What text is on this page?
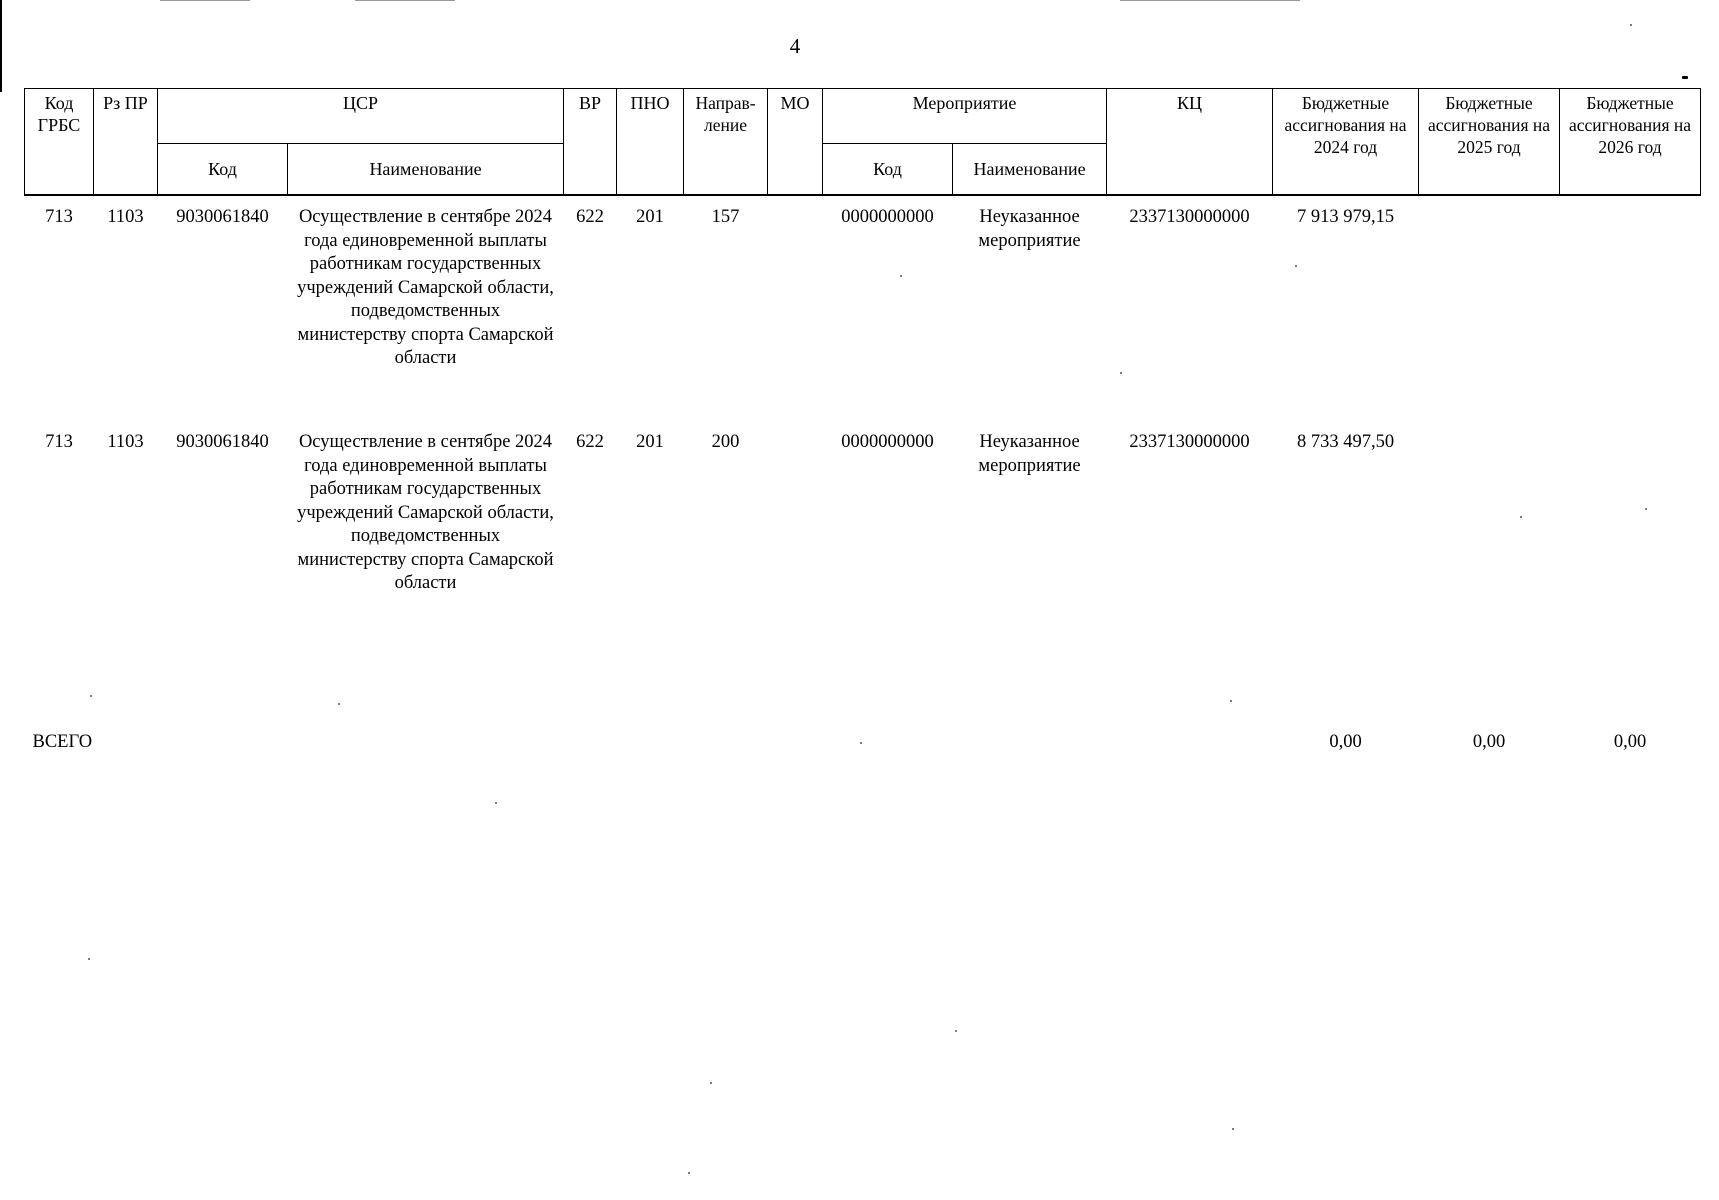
4
Код ГРБС	Рз ПР	ЦСР		ВР	ПНО	Направ-ление	МО	Мероприятие		КЦ	Бюджетные ассигнования на 2024 год	Бюджетные ассигнования на 2025 год	Бюджетные ассигнования на 2026 год
		Код	Наименование					Код	Наименование				
713	1103	9030061840	Осуществление в сентябре 2024 года единовременной выплаты работникам государственных учреждений Самарской области, подведомственных министерству спорта Самарской области	622	201	157		0000000000	Неуказанное мероприятие	2337130000000	7 913 979,15		
713	1103	9030061840	Осуществление в сентябре 2024 года единовременной выплаты работникам государственных учреждений Самарской области, подведомственных министерству спорта Самарской области	622	201	200		0000000000	Неуказанное мероприятие	2337130000000	8 733 497,50		
ВСЕГО											0,00	0,00	0,00
